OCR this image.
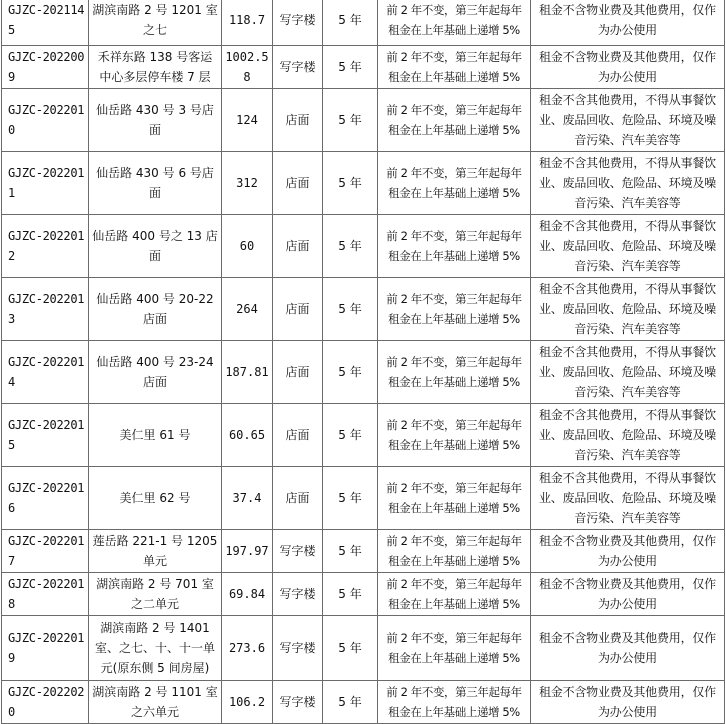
GJZC-2021145	湖滨南路 2 号 1201 室之七	118.7	写字楼	5 年	前 2 年不变，第三年起每年租金在上年基础上递增 5%	租金不含物业费及其他费用，仅作为办公使用
GJZC-2022009	禾祥东路 138 号客运中心多层停车楼 7 层	1002.58	写字楼	5 年	前 2 年不变，第三年起每年租金在上年基础上递增 5%	租金不含物业费及其他费用，仅作为办公使用
GJZC-2022010	仙岳路 430 号 3 号店面	124	店面	5 年	前 2 年不变，第三年起每年租金在上年基础上递增 5%	租金不含其他费用，不得从事餐饮业、废品回收、危险品、环境及噪音污染、汽车美容等
GJZC-2022011	仙岳路 430 号 6 号店面	312	店面	5 年	前 2 年不变，第三年起每年租金在上年基础上递增 5%	租金不含其他费用，不得从事餐饮业、废品回收、危险品、环境及噪音污染、汽车美容等
GJZC-2022012	仙岳路 400 号之 13 店面	60	店面	5 年	前 2 年不变，第三年起每年租金在上年基础上递增 5%	租金不含其他费用，不得从事餐饮业、废品回收、危险品、环境及噪音污染、汽车美容等
GJZC-2022013	仙岳路 400 号 20-22 店面	264	店面	5 年	前 2 年不变，第三年起每年租金在上年基础上递增 5%	租金不含其他费用，不得从事餐饮业、废品回收、危险品、环境及噪音污染、汽车美容等
GJZC-2022014	仙岳路 400 号 23-24 店面	187.81	店面	5 年	前 2 年不变，第三年起每年租金在上年基础上递增 5%	租金不含其他费用，不得从事餐饮业、废品回收、危险品、环境及噪音污染、汽车美容等
GJZC-2022015	美仁里 61 号	60.65	店面	5 年	前 2 年不变，第三年起每年租金在上年基础上递增 5%	租金不含其他费用，不得从事餐饮业、废品回收、危险品、环境及噪音污染、汽车美容等
GJZC-2022016	美仁里 62 号	37.4	店面	5 年	前 2 年不变，第三年起每年租金在上年基础上递增 5%	租金不含其他费用，不得从事餐饮业、废品回收、危险品、环境及噪音污染、汽车美容等
GJZC-2022017	莲岳路 221-1 号 1205 单元	197.97	写字楼	5 年	前 2 年不变，第三年起每年租金在上年基础上递增 5%	租金不含物业费及其他费用，仅作为办公使用
GJZC-2022018	湖滨南路 2 号 701 室之二单元	69.84	写字楼	5 年	前 2 年不变，第三年起每年租金在上年基础上递增 5%	租金不含物业费及其他费用，仅作为办公使用
GJZC-2022019	湖滨南路 2 号 1401 室、之七、十、十一单元(原东侧 5 间房屋)	273.6	写字楼	5 年	前 2 年不变，第三年起每年租金在上年基础上递增 5%	租金不含物业费及其他费用，仅作为办公使用
GJZC-2022020	湖滨南路 2 号 1101 室之六单元	106.2	写字楼	5 年	前 2 年不变，第三年起每年租金在上年基础上递增 5%	租金不含物业费及其他费用，仅作为办公使用
